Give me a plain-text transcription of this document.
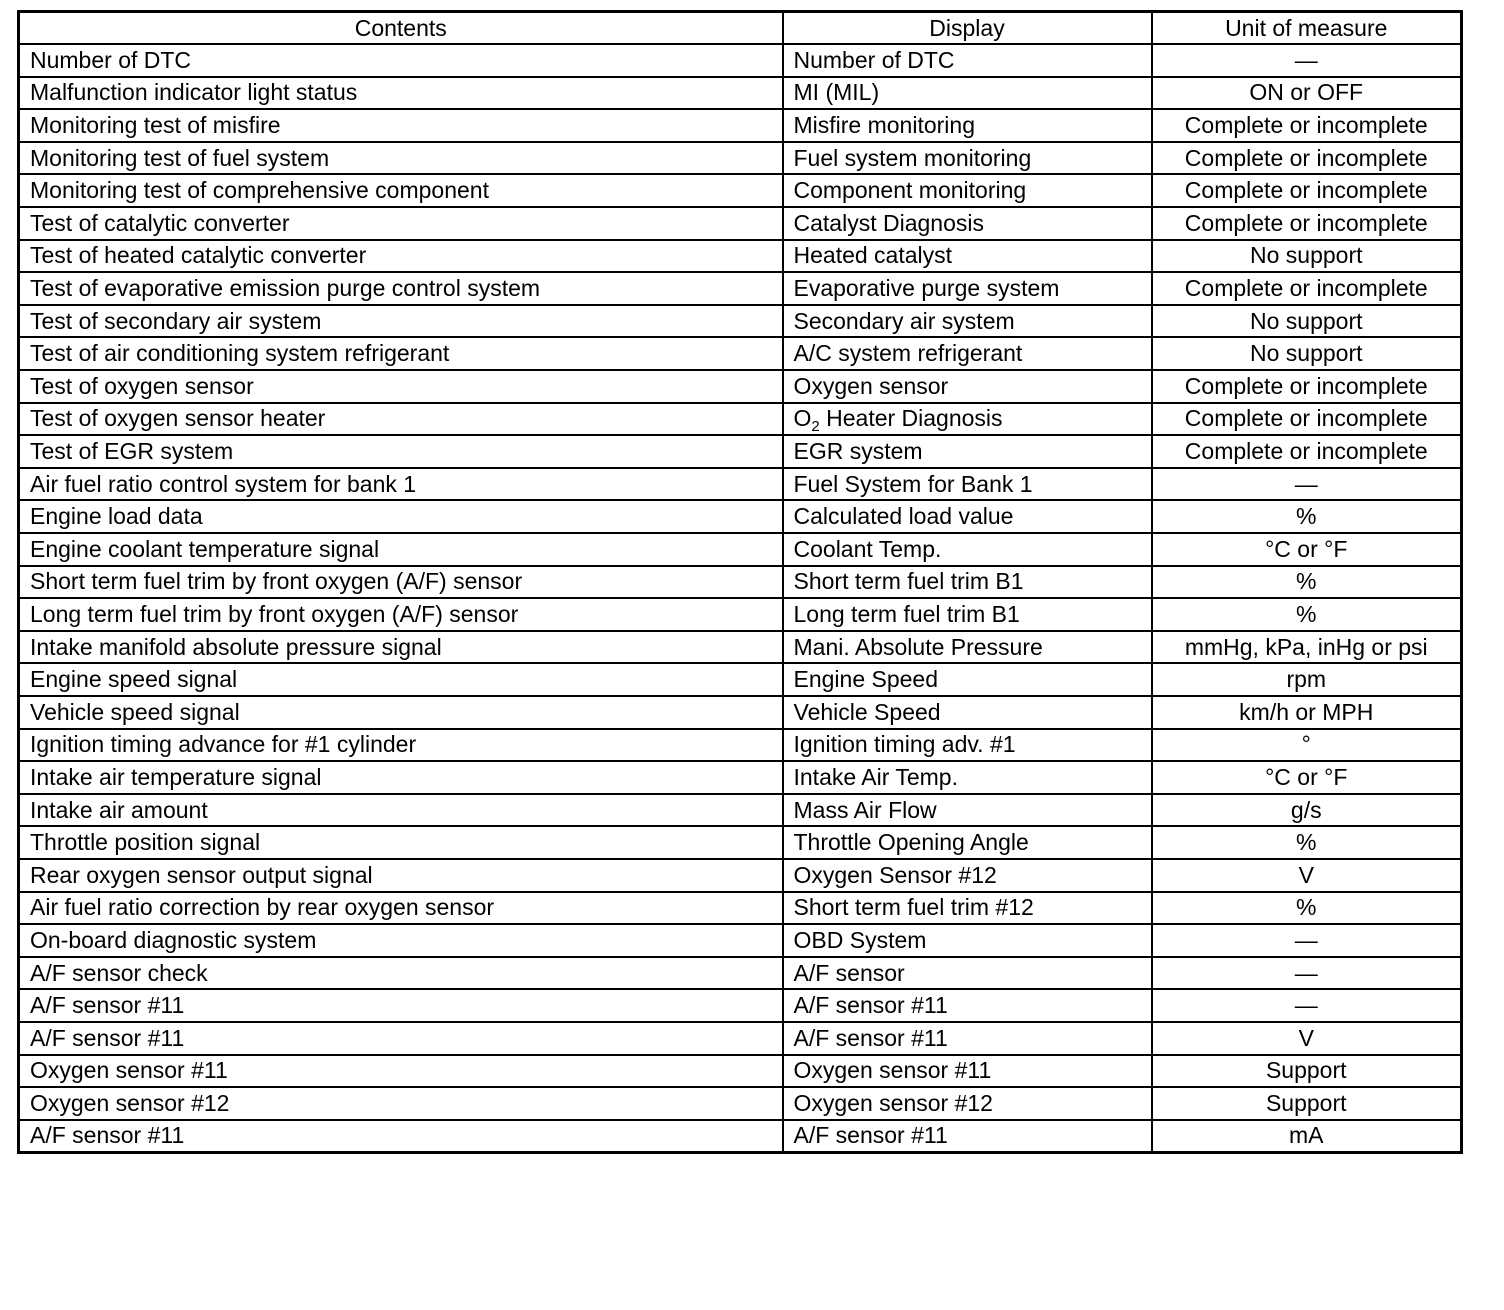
Contents	Display	Unit of measure
Number of DTC	Number of DTC	—
Malfunction indicator light status	MI (MIL)	ON or OFF
Monitoring test of misfire	Misfire monitoring	Complete or incomplete
Monitoring test of fuel system	Fuel system monitoring	Complete or incomplete
Monitoring test of comprehensive component	Component monitoring	Complete or incomplete
Test of catalytic converter	Catalyst Diagnosis	Complete or incomplete
Test of heated catalytic converter	Heated catalyst	No support
Test of evaporative emission purge control system	Evaporative purge system	Complete or incomplete
Test of secondary air system	Secondary air system	No support
Test of air conditioning system refrigerant	A/C system refrigerant	No support
Test of oxygen sensor	Oxygen sensor	Complete or incomplete
Test of oxygen sensor heater	$O_2$ Heater Diagnosis	Complete or incomplete
Test of EGR system	EGR system	Complete or incomplete
Air fuel ratio control system for bank 1	Fuel System for Bank 1	—
Engine load data	Calculated load value	%
Engine coolant temperature signal	Coolant Temp.	°C or °F
Short term fuel trim by front oxygen (A/F) sensor	Short term fuel trim B1	%
Long term fuel trim by front oxygen (A/F) sensor	Long term fuel trim B1	%
Intake manifold absolute pressure signal	Mani. Absolute Pressure	mmHg, kPa, inHg or psi
Engine speed signal	Engine Speed	rpm
Vehicle speed signal	Vehicle Speed	km/h or MPH
Ignition timing advance for #1 cylinder	Ignition timing adv. #1	°
Intake air temperature signal	Intake Air Temp.	°C or °F
Intake air amount	Mass Air Flow	g/s
Throttle position signal	Throttle Opening Angle	%
Rear oxygen sensor output signal	Oxygen Sensor #12	V
Air fuel ratio correction by rear oxygen sensor	Short term fuel trim #12	%
On-board diagnostic system	OBD System	—
A/F sensor check	A/F sensor	—
A/F sensor #11	A/F sensor #11	—
A/F sensor #11	A/F sensor #11	V
Oxygen sensor #11	Oxygen sensor #11	Support
Oxygen sensor #12	Oxygen sensor #12	Support
A/F sensor #11	A/F sensor #11	mA
